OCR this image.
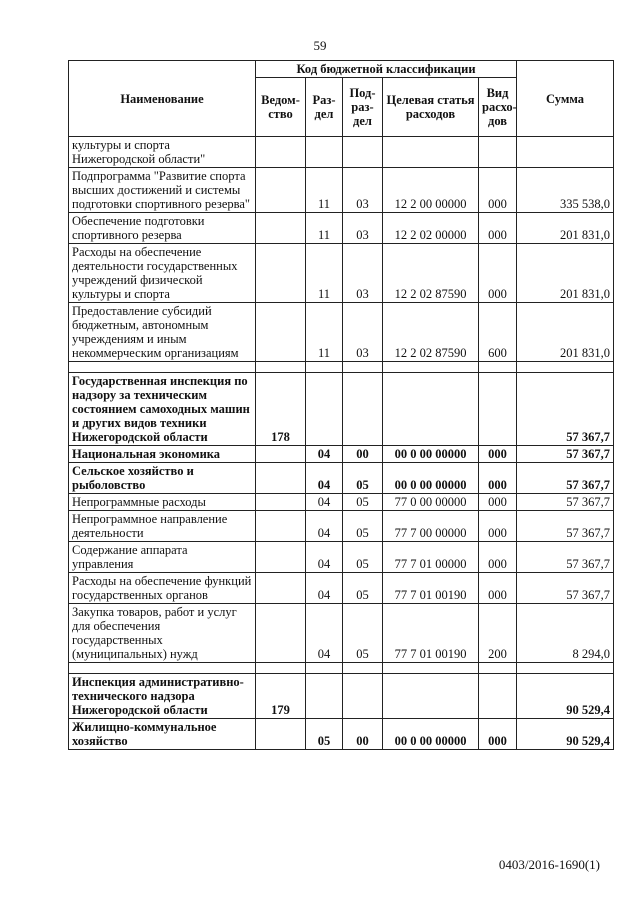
59
Наименование	Код бюджетной классификации					Сумма
	Ведом-ство	Раз-дел	Под-раз-дел	Целевая статья расходов	Вид расхо-дов	
культуры и спорта Нижегородской области"						
Подпрограмма "Развитие спорта высших достижений и системы подготовки спортивного резерва"		11	03	12 2 00 00000	000	335 538,0
Обеспечение подготовки спортивного резерва		11	03	12 2 02 00000	000	201 831,0
Расходы на обеспечение деятельности государственных учреждений физической культуры и спорта		11	03	12 2 02 87590	000	201 831,0
Предоставление субсидий бюджетным, автономным учреждениям и иным некоммерческим организациям		11	03	12 2 02 87590	600	201 831,0

Государственная инспекция по надзору за техническим состоянием самоходных машин и других видов техники Нижегородской области	178					57 367,7
Национальная экономика		04	00	00 0 00 00000	000	57 367,7
Сельское хозяйство и рыболовство		04	05	00 0 00 00000	000	57 367,7
Непрограммные расходы		04	05	77 0 00 00000	000	57 367,7
Непрограммное направление деятельности		04	05	77 7 00 00000	000	57 367,7
Содержание аппарата управления		04	05	77 7 01 00000	000	57 367,7
Расходы на обеспечение функций государственных органов		04	05	77 7 01 00190	000	57 367,7
Закупка товаров, работ и услуг для обеспечения государственных (муниципальных) нужд		04	05	77 7 01 00190	200	8 294,0

Инспекция административно-технического надзора Нижегородской области	179					90 529,4
Жилищно-коммунальное хозяйство		05	00	00 0 00 00000	000	90 529,4
0403/2016-1690(1)
